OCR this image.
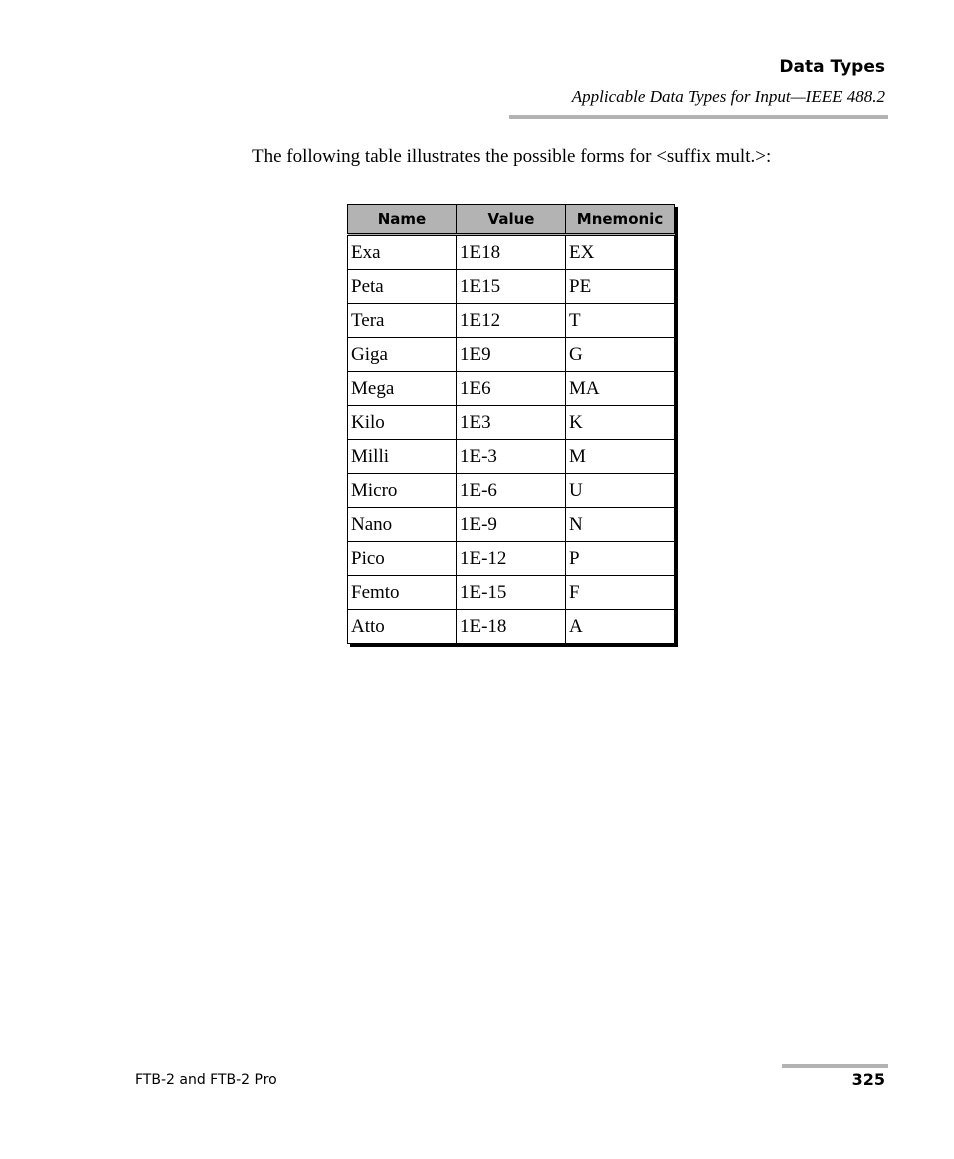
Data Types
Applicable Data Types for Input—IEEE 488.2
The following table illustrates the possible forms for <suffix mult.>:
Name	Value	Mnemonic
Exa	1E18	EX
Peta	1E15	PE
Tera	1E12	T
Giga	1E9	G
Mega	1E6	MA
Kilo	1E3	K
Milli	1E-3	M
Micro	1E-6	U
Nano	1E-9	N
Pico	1E-12	P
Femto	1E-15	F
Atto	1E-18	A
FTB-2 and FTB-2 Pro	325
